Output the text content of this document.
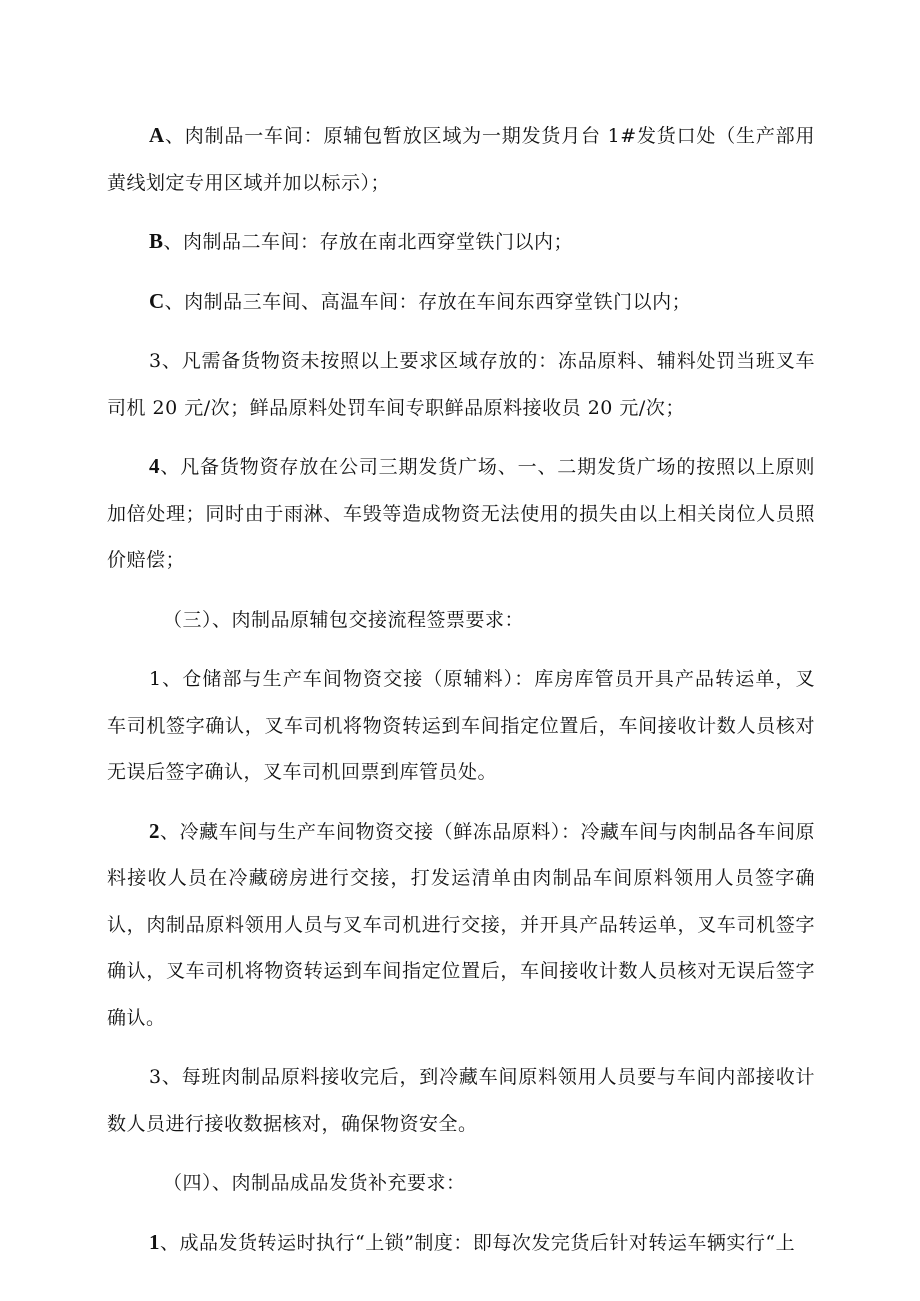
A、肉制品一车间：原辅包暂放区域为一期发货月台 1#发货口处（生产部用黄线划定专用区域并加以标示）；

B、肉制品二车间：存放在南北西穿堂铁门以内；

C、肉制品三车间、高温车间：存放在车间东西穿堂铁门以内；

3、凡需备货物资未按照以上要求区域存放的：冻品原料、辅料处罚当班叉车司机 20 元/次；鲜品原料处罚车间专职鲜品原料接收员 20 元/次；

4、凡备货物资存放在公司三期发货广场、一、二期发货广场的按照以上原则加倍处理；同时由于雨淋、车毁等造成物资无法使用的损失由以上相关岗位人员照价赔偿；

（三）、肉制品原辅包交接流程签票要求：

1、仓储部与生产车间物资交接（原辅料）：库房库管员开具产品转运单，叉车司机签字确认，叉车司机将物资转运到车间指定位置后，车间接收计数人员核对无误后签字确认，叉车司机回票到库管员处。

2、冷藏车间与生产车间物资交接（鲜冻品原料）：冷藏车间与肉制品各车间原料接收人员在冷藏磅房进行交接，打发运清单由肉制品车间原料领用人员签字确认，肉制品原料领用人员与叉车司机进行交接，并开具产品转运单，叉车司机签字确认，叉车司机将物资转运到车间指定位置后，车间接收计数人员核对无误后签字确认。

3、每班肉制品原料接收完后，到冷藏车间原料领用人员要与车间内部接收计数人员进行接收数据核对，确保物资安全。

（四）、肉制品成品发货补充要求：

1、成品发货转运时执行“上锁”制度：即每次发完货后针对转运车辆实行“上
